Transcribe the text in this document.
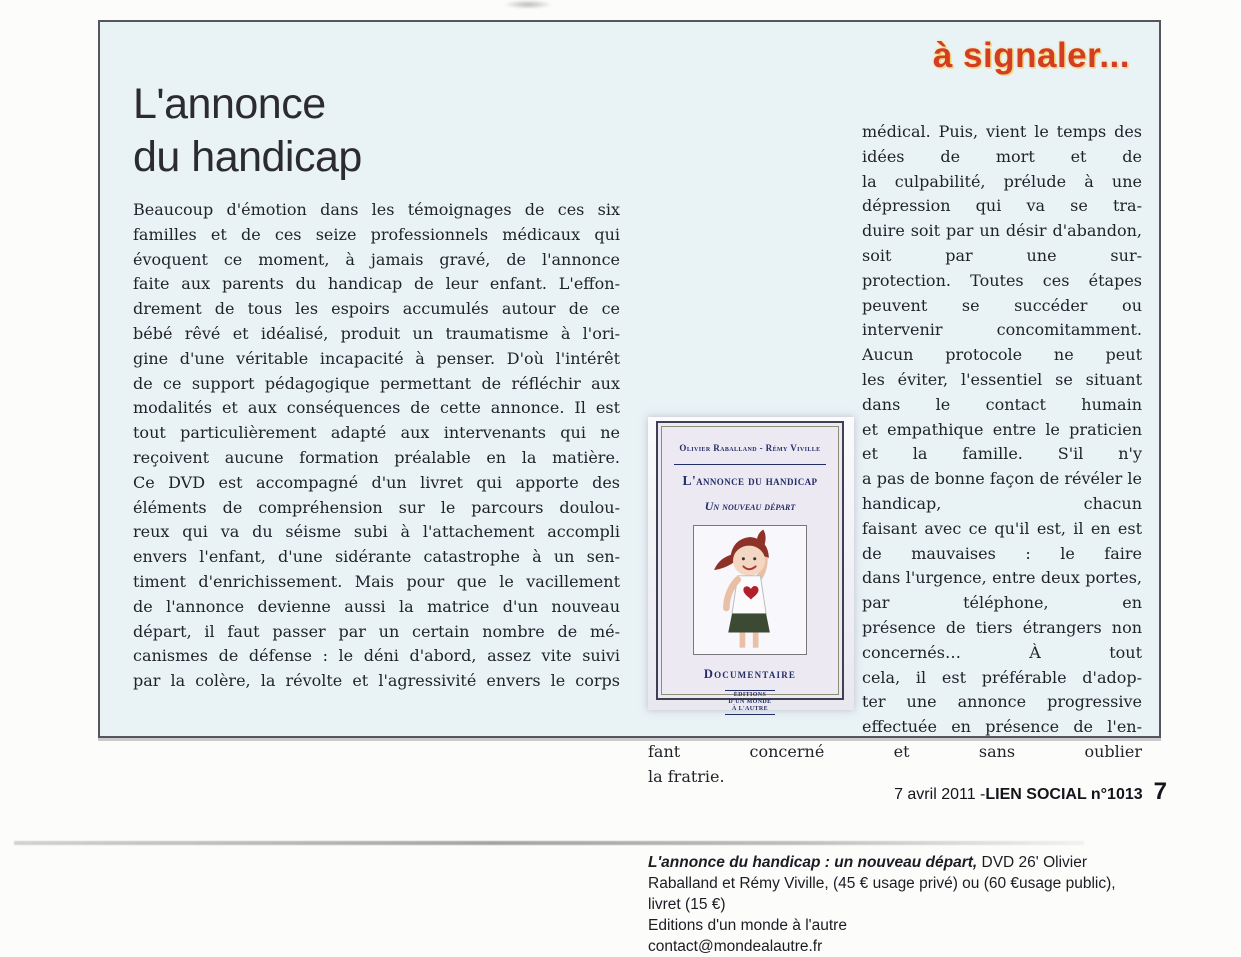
à signaler...
L'annonce
du handicap
Beaucoup d'émotion dans les témoignages de ces six
familles et de ces seize professionnels médicaux qui
évoquent ce moment, à jamais gravé, de l'annonce
faite aux parents du handicap de leur enfant. L'effon-
drement de tous les espoirs accumulés autour de ce
bébé rêvé et idéalisé, produit un traumatisme à l'ori-
gine d'une véritable incapacité à penser. D'où l'intérêt
de ce support pédagogique permettant de réfléchir aux
modalités et aux conséquences de cette annonce. Il est
tout particulièrement adapté aux intervenants qui ne
reçoivent aucune formation préalable en la matière.
Ce DVD est accompagné d'un livret qui apporte des
éléments de compréhension sur le parcours doulou-
reux qui va du séisme subi à l'attachement accompli
envers l'enfant, d'une sidérante catastrophe à un sen-
timent d'enrichissement. Mais pour que le vacillement
de l'annonce devienne aussi la matrice d'un nouveau
départ, il faut passer par un certain nombre de mé-
canismes de défense : le déni d'abord, assez vite suivi
par la colère, la révolte et l'agressivité envers le corps
Olivier Raballand - Rémy Viville
L'annonce du handicap
Un nouveau départ
Documentaire
ÉDITIONS
D'UN MONDE
À L'AUTRE
médical. Puis, vient le temps des idées de mort et de
la culpabilité, prélude à une dépression qui va se tra-
duire soit par un désir d'abandon, soit par une sur-
protection. Toutes ces étapes peuvent se succéder ou
intervenir concomitamment. Aucun protocole ne peut
les éviter, l'essentiel se situant dans le contact humain
et empathique entre le praticien et la famille. S'il n'y
a pas de bonne façon de révéler le handicap, chacun
faisant avec ce qu'il est, il en est de mauvaises : le faire
dans l'urgence, entre deux portes, par téléphone, en
présence de tiers étrangers non concernés… À tout
cela, il est préférable d'adop-
ter une annonce progressive
effectuée en présence de l'en-
fant concerné et sans oublier
la fratrie.

L'annonce du handicap : un nouveau départ, DVD 26' Olivier Raballand et Rémy Viville, (45 € usage privé) ou (60 €usage public), livret (15 €)

Editions d'un monde à l'autre
contact@mondealautre.fr
7 avril 2011 - LIEN SOCIAL n°1013 7
